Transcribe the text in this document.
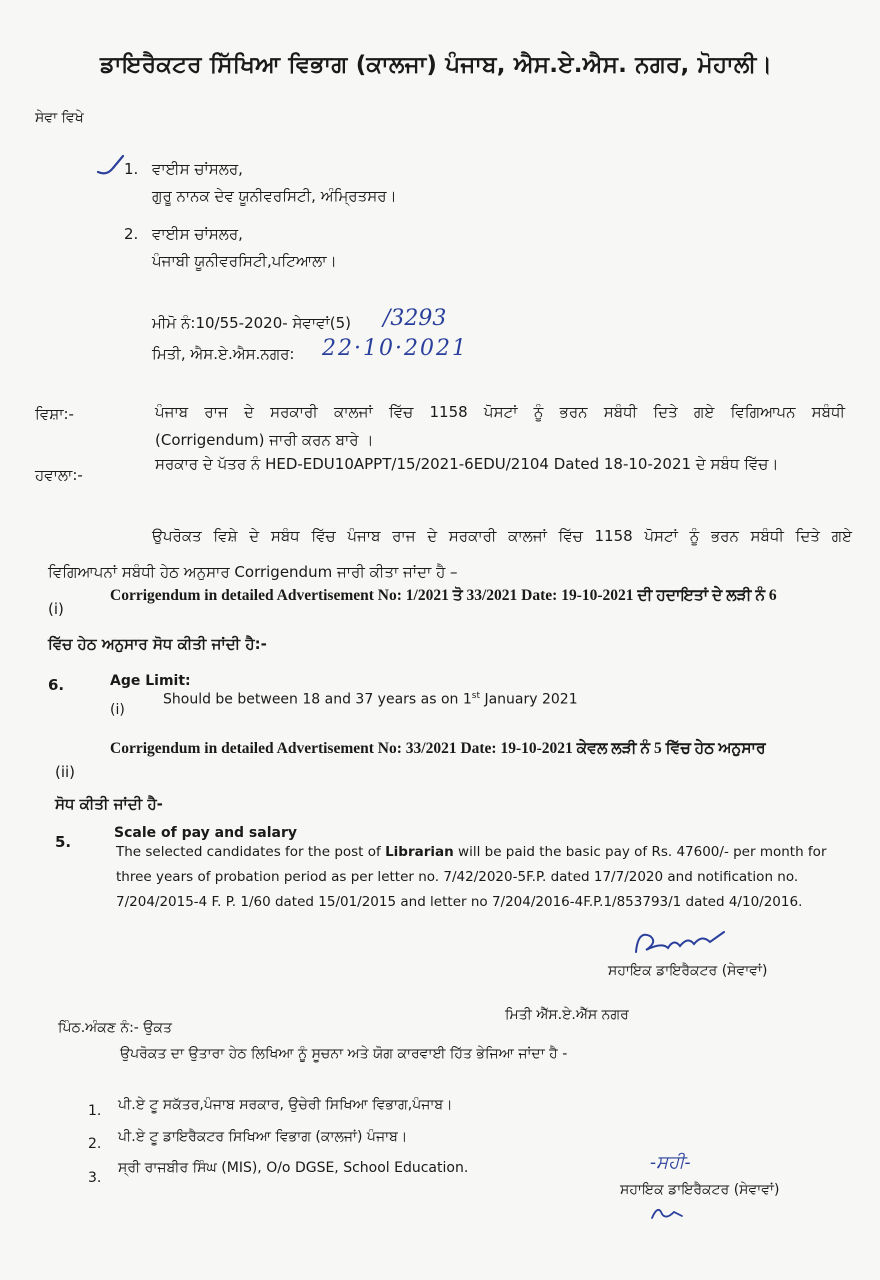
ਡਾਇਰੈਕਟਰ ਸਿੱਖਿਆ ਵਿਭਾਗ (ਕਾਲਜਾ) ਪੰਜਾਬ, ਐਸ.ਏ.ਐਸ. ਨਗਰ, ਮੋਹਾਲੀ।
ਸੇਵਾ ਵਿਖੇ
1. ਵਾਈਸ ਚਾਂਸਲਰ,
ਗੁਰੂ ਨਾਨਕ ਦੇਵ ਯੂਨੀਵਰਸਿਟੀ, ਅੰਮ੍ਰਿਤਸਰ।
2. ਵਾਈਸ ਚਾਂਸਲਰ,
ਪੰਜਾਬੀ ਯੂਨੀਵਰਸਿਟੀ,ਪਟਿਆਲਾ।
ਮੀਮੋ ਨੰ:10/55-2020- ਸੇਵਾਵਾਂ(5) /3293
ਮਿਤੀ, ਐਸ.ਏ.ਐਸ.ਨਗਰ: 22·10·2021
ਵਿਸ਼ਾ:-	ਪੰਜਾਬ ਰਾਜ ਦੇ ਸਰਕਾਰੀ ਕਾਲਜਾਂ ਵਿੱਚ 1158 ਪੋਸਟਾਂ ਨੂੰ ਭਰਨ ਸਬੰਧੀ ਦਿਤੇ ਗਏ ਵਿਗਿਆਪਨ ਸਬੰਧੀ
(Corrigendum) ਜਾਰੀ ਕਰਨ ਬਾਰੇ ।
ਹਵਾਲਾ:-
ਸਰਕਾਰ ਦੇ ਪੱਤਰ ਨੰ HED-EDU10APPT/15/2021-6EDU/2104 Dated 18-10-2021 ਦੇ ਸਬੰਧ ਵਿੱਚ।
ਉਪਰੋਕਤ ਵਿਸ਼ੇ ਦੇ ਸਬੰਧ ਵਿੱਚ ਪੰਜਾਬ ਰਾਜ ਦੇ ਸਰਕਾਰੀ ਕਾਲਜਾਂ ਵਿੱਚ 1158 ਪੋਸਟਾਂ ਨੂੰ ਭਰਨ ਸਬੰਧੀ ਦਿਤੇ ਗਏ
ਵਿਗਿਆਪਨਾਂ ਸਬੰਧੀ ਹੇਠ ਅਨੁਸਾਰ Corrigendum ਜਾਰੀ ਕੀਤਾ ਜਾਂਦਾ ਹੈ –
(i)
Corrigendum in detailed Advertisement No: 1/2021 ਤੋ 33/2021 Date: 19-10-2021 ਦੀ ਹਦਾਇਤਾਂ ਦੇ ਲੜੀ ਨੰ 6
ਵਿੱਚ ਹੇਠ ਅਨੁਸਾਰ ਸੋਧ ਕੀਤੀ ਜਾਂਦੀ ਹੈ:-
6.	Age Limit:
(i)
Should be between 18 and 37 years as on 1st January 2021
(ii)
Corrigendum in detailed Advertisement No: 33/2021 Date: 19-10-2021 ਕੇਵਲ ਲੜੀ ਨੰ 5 ਵਿੱਚ ਹੇਠ ਅਨੁਸਾਰ
ਸੋਧ ਕੀਤੀ ਜਾਂਦੀ ਹੈ-
5.	Scale of pay and salary
The selected candidates for the post of Librarian will be paid the basic pay of Rs. 47600/- per month for
three years of probation period as per letter no. 7/42/2020-5F.P. dated 17/7/2020 and notification no.
7/204/2015-4 F. P. 1/60 dated 15/01/2015 and letter no 7/204/2016-4F.P.1/853793/1 dated 4/10/2016.
ਸਹਾਇਕ ਡਾਇਰੈਕਟਰ (ਸੇਵਾਵਾਂ)
ਮਿਤੀ ਐੱਸ.ਏ.ਐੱਸ ਨਗਰ
ਪਿੰਠ.ਅੰਕਣ ਨੰ:- ਉਕਤ
ਉਪਰੋਕਤ ਦਾ ਉਤਾਰਾ ਹੇਠ ਲਿਖਿਆ ਨੂੰ ਸੂਚਨਾ ਅਤੇ ਯੋਗ ਕਾਰਵਾਈ ਹਿੱਤ ਭੇਜਿਆ ਜਾਂਦਾ ਹੈ -
1. ਪੀ.ਏ ਟੂ ਸਕੱਤਰ,ਪੰਜਾਬ ਸਰਕਾਰ, ਉਚੇਰੀ ਸਿਖਿਆ ਵਿਭਾਗ,ਪੰਜਾਬ।
2. ਪੀ.ਏ ਟੂ ਡਾਇਰੈਕਟਰ ਸਿਖਿਆ ਵਿਭਾਗ (ਕਾਲਜਾਂ) ਪੰਜਾਬ।
3.
ਸ੍ਰੀ ਰਾਜਬੀਰ ਸਿੰਘ (MIS), O/o DGSE, School Education.	-ਸਹੀ-
ਸਹਾਇਕ ਡਾਇਰੈਕਟਰ (ਸੇਵਾਵਾਂ)
